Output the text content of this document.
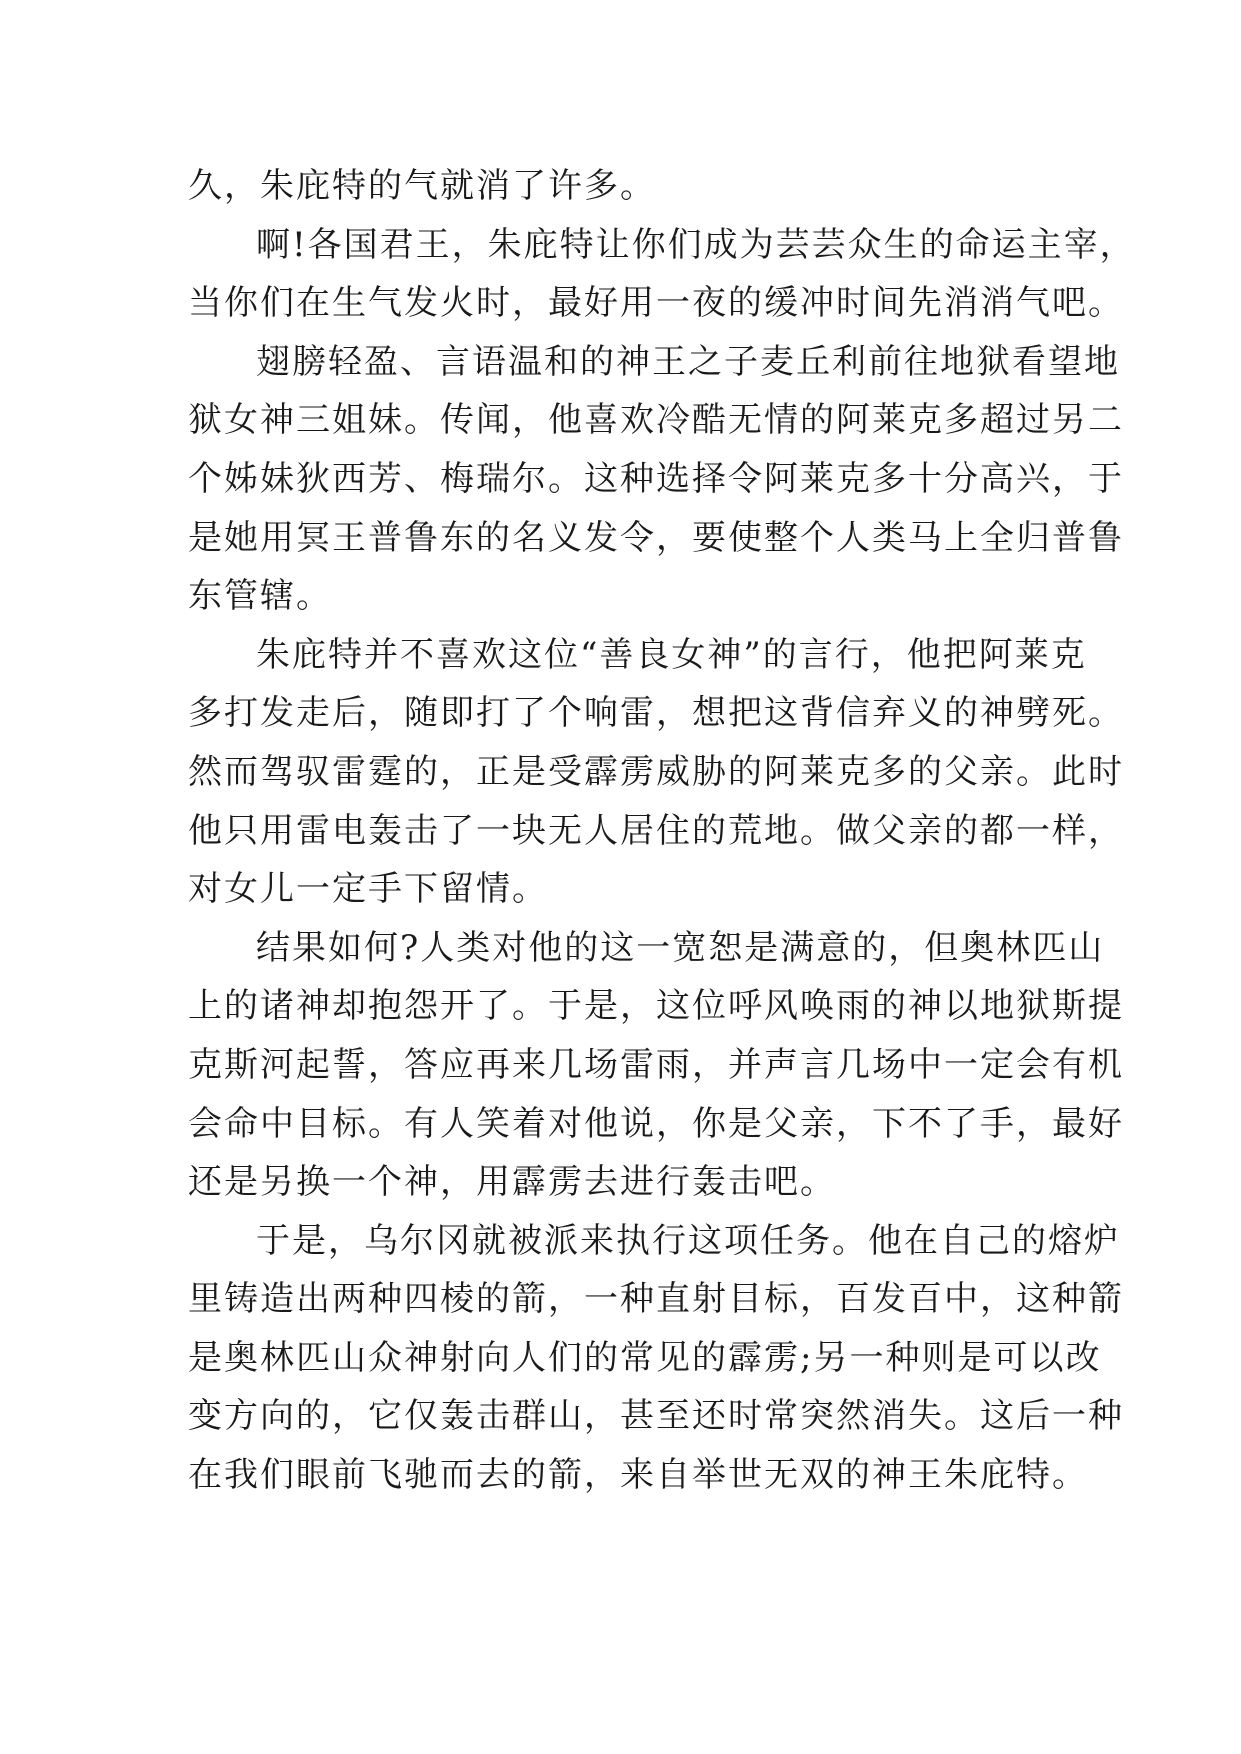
久，朱庇特的气就消了许多。
啊!各国君王，朱庇特让你们成为芸芸众生的命运主宰，
当你们在生气发火时，最好用一夜的缓冲时间先消消气吧。
翅膀轻盈、言语温和的神王之子麦丘利前往地狱看望地
狱女神三姐妹。传闻，他喜欢冷酷无情的阿莱克多超过另二
个姊妹狄西芳、梅瑞尔。这种选择令阿莱克多十分高兴，于
是她用冥王普鲁东的名义发令，要使整个人类马上全归普鲁
东管辖。
朱庇特并不喜欢这位“善良女神”的言行，他把阿莱克
多打发走后，随即打了个响雷，想把这背信弃义的神劈死。
然而驾驭雷霆的，正是受霹雳威胁的阿莱克多的父亲。此时
他只用雷电轰击了一块无人居住的荒地。做父亲的都一样，
对女儿一定手下留情。
结果如何?人类对他的这一宽恕是满意的，但奥林匹山
上的诸神却抱怨开了。于是，这位呼风唤雨的神以地狱斯提
克斯河起誓，答应再来几场雷雨，并声言几场中一定会有机
会命中目标。有人笑着对他说，你是父亲，下不了手，最好
还是另换一个神，用霹雳去进行轰击吧。
于是，乌尔冈就被派来执行这项任务。他在自己的熔炉
里铸造出两种四棱的箭，一种直射目标，百发百中，这种箭
是奥林匹山众神射向人们的常见的霹雳;另一种则是可以改
变方向的，它仅轰击群山，甚至还时常突然消失。这后一种
在我们眼前飞驰而去的箭，来自举世无双的神王朱庇特。
